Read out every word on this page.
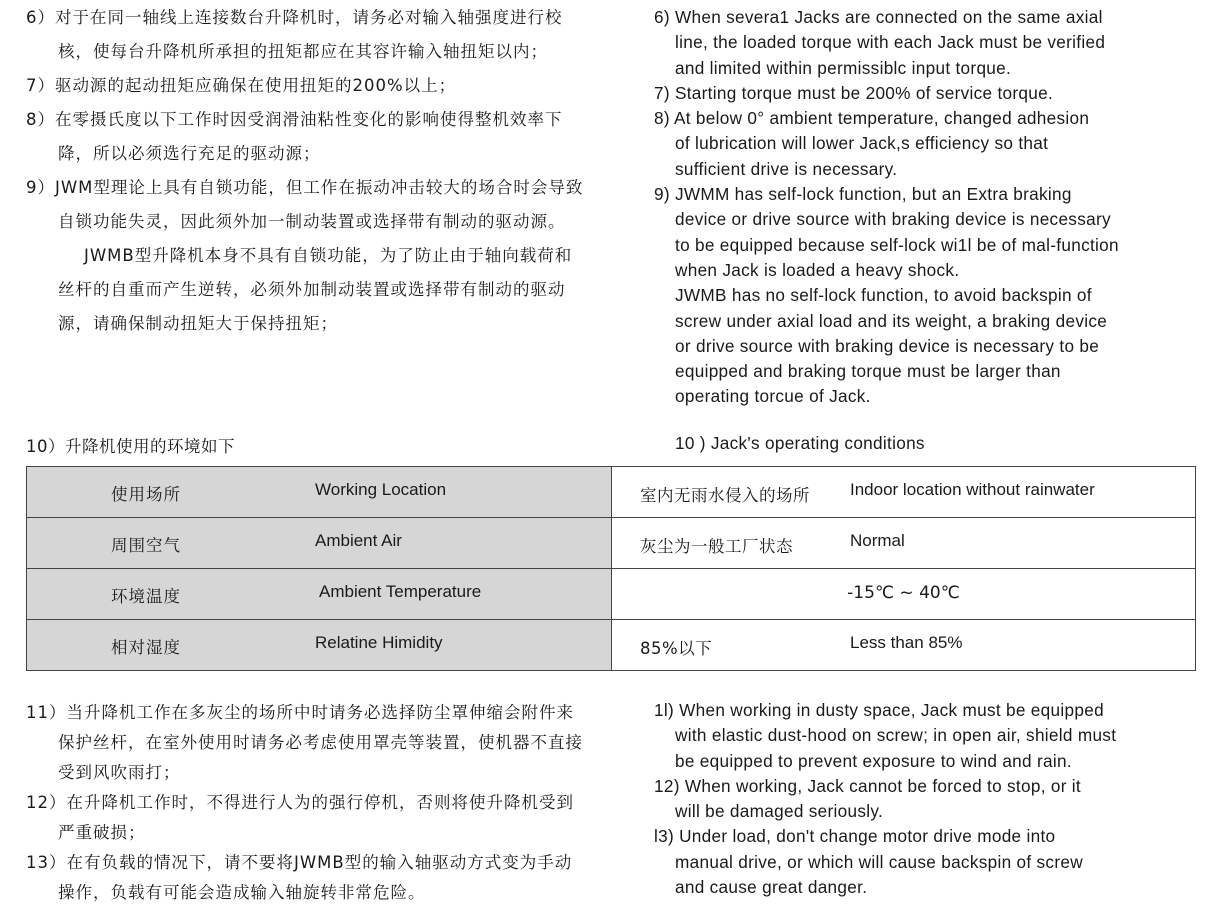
6）对于在同一轴线上连接数台升降机时，请务必对输入轴强度进行校核，使每台升降机所承担的扭矩都应在其容许输入轴扭矩以内；

7）驱动源的起动扭矩应确保在使用扭矩的200%以上；

8）在零摄氏度以下工作时因受润滑油粘性变化的影响使得整机效率下降，所以必须选行充足的驱动源；

9）JWM型理论上具有自锁功能，但工作在振动冲击较大的场合时会导致自锁功能失灵，因此须外加一制动装置或选择带有制动的驱动源。

JWMB型升降机本身不具有自锁功能，为了防止由于轴向载荷和丝杆的自重而产生逆转，必须外加制动装置或选择带有制动的驱动源，请确保制动扭矩大于保持扭矩；

6) When severa1 Jacks are connected on the same axial

line, the loaded torque with each Jack must be verified

and limited within permissiblc input torque.

7) Starting torque must be 200% of service torque.

8) At below 0° ambient temperature, changed adhesion

of lubrication will lower Jack,s efficiency so that

sufficient drive is necessary.

9) JWMM has self-lock function, but an Extra braking

device or drive source with braking device is necessary

to be equipped because self-lock wi1l be of mal-function

when Jack is loaded a heavy shock.

JWMB has no self-lock function, to avoid backspin of

screw under axial load and its weight, a braking device

or drive source with braking device is necessary to be

equipped and braking torque must be larger than

operating torcue of Jack.

10）升降机使用的环境如下	10 ) Jack's operating conditions
使用场所 Working Location	室内无雨水侵入的场所 Indoor location without rainwater

周围空气 Ambient Air	灰尘为一般工厂状态 Normal

环境温度 Ambient Temperature	-15℃ ~ 40℃

相对湿度 Relatine Himidity	85%以下 Less than 85%

11）当升降机工作在多灰尘的场所中时请务必选择防尘罩伸缩会附件来保护丝杆，在室外使用时请务必考虑使用罩壳等装置，使机器不直接受到风吹雨打；

12）在升降机工作时，不得进行人为的强行停机，否则将使升降机受到严重破损；

13）在有负载的情况下，请不要将JWMB型的输入轴驱动方式变为手动操作，负载有可能会造成输入轴旋转非常危险。

1l) When working in dusty space, Jack must be equipped

with elastic dust-hood on screw; in open air, shield must

be equipped to prevent exposure to wind and rain.

12) When working, Jack cannot be forced to stop, or it

will be damaged seriously.

l3) Under load, don't change motor drive mode into

manual drive, or which will cause backspin of screw

and cause great danger.
